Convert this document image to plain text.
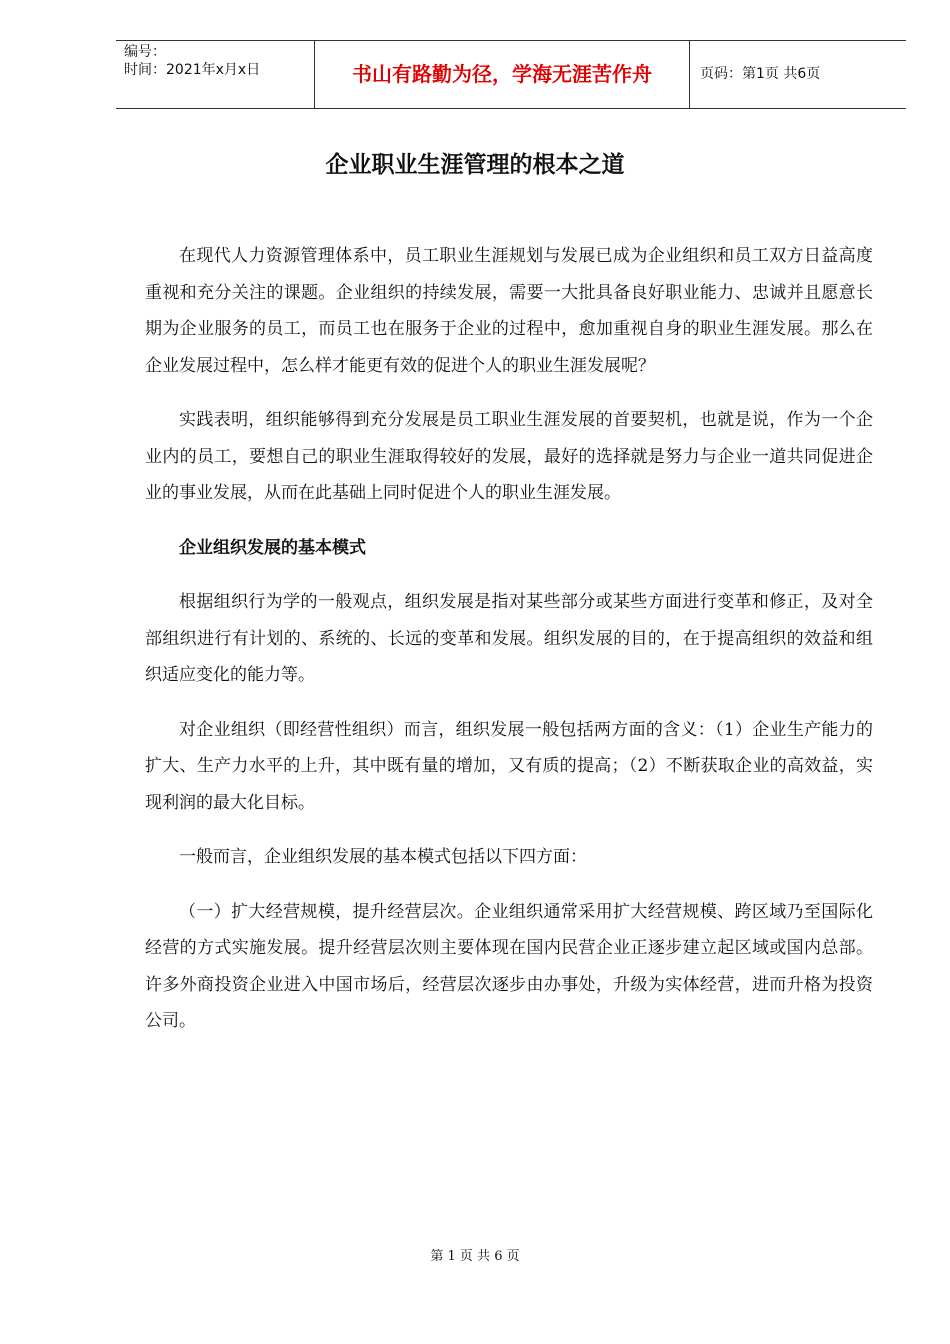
编号：
时间：2021年x月x日	书山有路勤为径，学海无涯苦作舟	页码：第1页 共6页
企业职业生涯管理的根本之道

在现代人力资源管理体系中，员工职业生涯规划与发展已成为企业组织和员工双方日益高度重视和充分关注的课题。企业组织的持续发展，需要一大批具备良好职业能力、忠诚并且愿意长期为企业服务的员工，而员工也在服务于企业的过程中，愈加重视自身的职业生涯发展。那么在企业发展过程中，怎么样才能更有效的促进个人的职业生涯发展呢？

实践表明，组织能够得到充分发展是员工职业生涯发展的首要契机，也就是说，作为一个企业内的员工，要想自己的职业生涯取得较好的发展，最好的选择就是努力与企业一道共同促进企业的事业发展，从而在此基础上同时促进个人的职业生涯发展。

企业组织发展的基本模式

根据组织行为学的一般观点，组织发展是指对某些部分或某些方面进行变革和修正，及对全部组织进行有计划的、系统的、长远的变革和发展。组织发展的目的，在于提高组织的效益和组织适应变化的能力等。

对企业组织（即经营性组织）而言，组织发展一般包括两方面的含义：（1）企业生产能力的扩大、生产力水平的上升，其中既有量的增加，又有质的提高；（2）不断获取企业的高效益，实现利润的最大化目标。

一般而言，企业组织发展的基本模式包括以下四方面：

（一）扩大经营规模，提升经营层次。企业组织通常采用扩大经营规模、跨区域乃至国际化经营的方式实施发展。提升经营层次则主要体现在国内民营企业正逐步建立起区域或国内总部。许多外商投资企业进入中国市场后，经营层次逐步由办事处，升级为实体经营，进而升格为投资公司。

第 1 页 共 6 页
